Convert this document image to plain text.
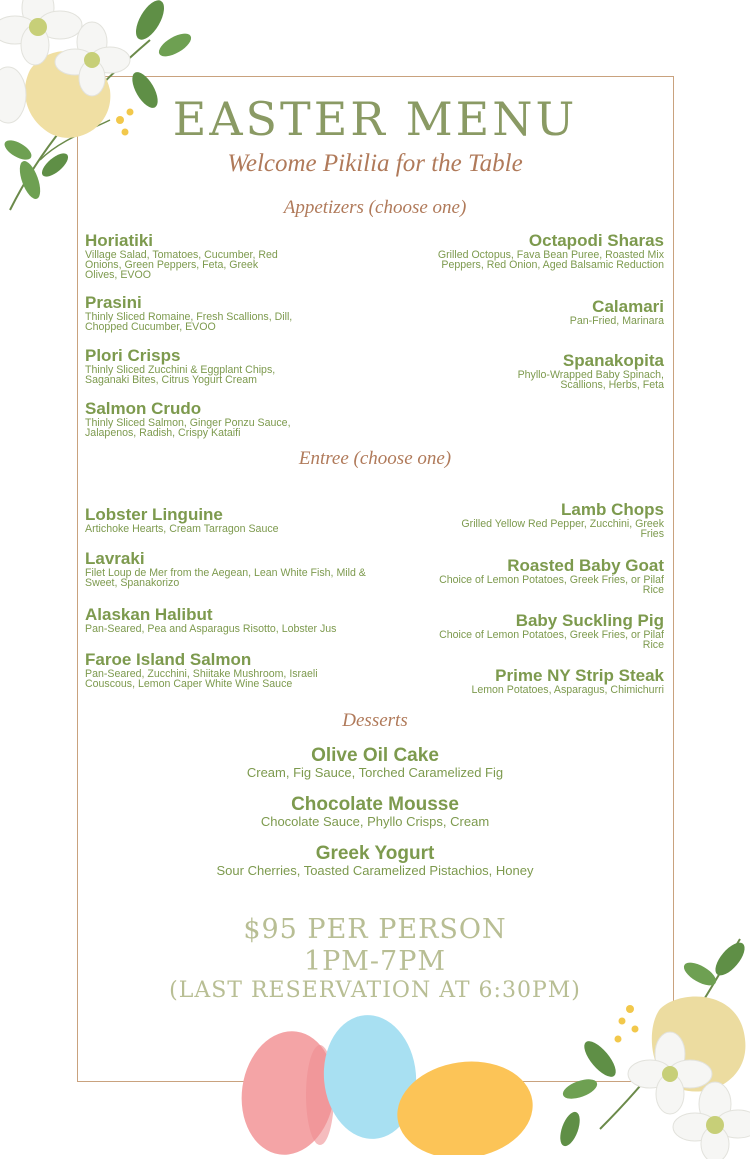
EASTER MENU
Welcome Pikilia for the Table
Appetizers (choose one)
Horiatiki
Village Salad, Tomatoes, Cucumber, Red Onions, Green Peppers, Feta, Greek Olives, EVOO
Prasini
Thinly Sliced Romaine, Fresh Scallions, Dill, Chopped Cucumber, EVOO
Plori Crisps
Thinly Sliced Zucchini & Eggplant Chips, Saganaki Bites, Citrus Yogurt Cream
Salmon Crudo
Thinly Sliced Salmon, Ginger Ponzu Sauce, Jalapenos, Radish, Crispy Kataifi
Octapodi Sharas
Grilled Octopus, Fava Bean Puree, Roasted Mix Peppers, Red Onion, Aged Balsamic Reduction
Calamari
Pan-Fried, Marinara
Spanakopita
Phyllo-Wrapped Baby Spinach, Scallions, Herbs, Feta
Entree (choose one)
Lobster Linguine
Artichoke Hearts, Cream Tarragon Sauce
Lavraki
Filet Loup de Mer from the Aegean, Lean White Fish, Mild & Sweet, Spanakorizo
Alaskan Halibut
Pan-Seared, Pea and Asparagus Risotto, Lobster Jus
Faroe Island Salmon
Pan-Seared, Zucchini, Shiitake Mushroom, Israeli Couscous, Lemon Caper White Wine Sauce
Lamb Chops
Grilled Yellow Red Pepper, Zucchini, Greek Fries
Roasted Baby Goat
Choice of Lemon Potatoes, Greek Fries, or Pilaf Rice
Baby Suckling Pig
Choice of Lemon Potatoes, Greek Fries, or Pilaf Rice
Prime NY Strip Steak
Lemon Potatoes, Asparagus, Chimichurri
Desserts
Olive Oil Cake
Cream, Fig Sauce, Torched Caramelized Fig
Chocolate Mousse
Chocolate Sauce, Phyllo Crisps, Cream
Greek Yogurt
Sour Cherries, Toasted Caramelized Pistachios, Honey
$95 PER PERSON
1PM-7PM
(LAST RESERVATION AT 6:30PM)
